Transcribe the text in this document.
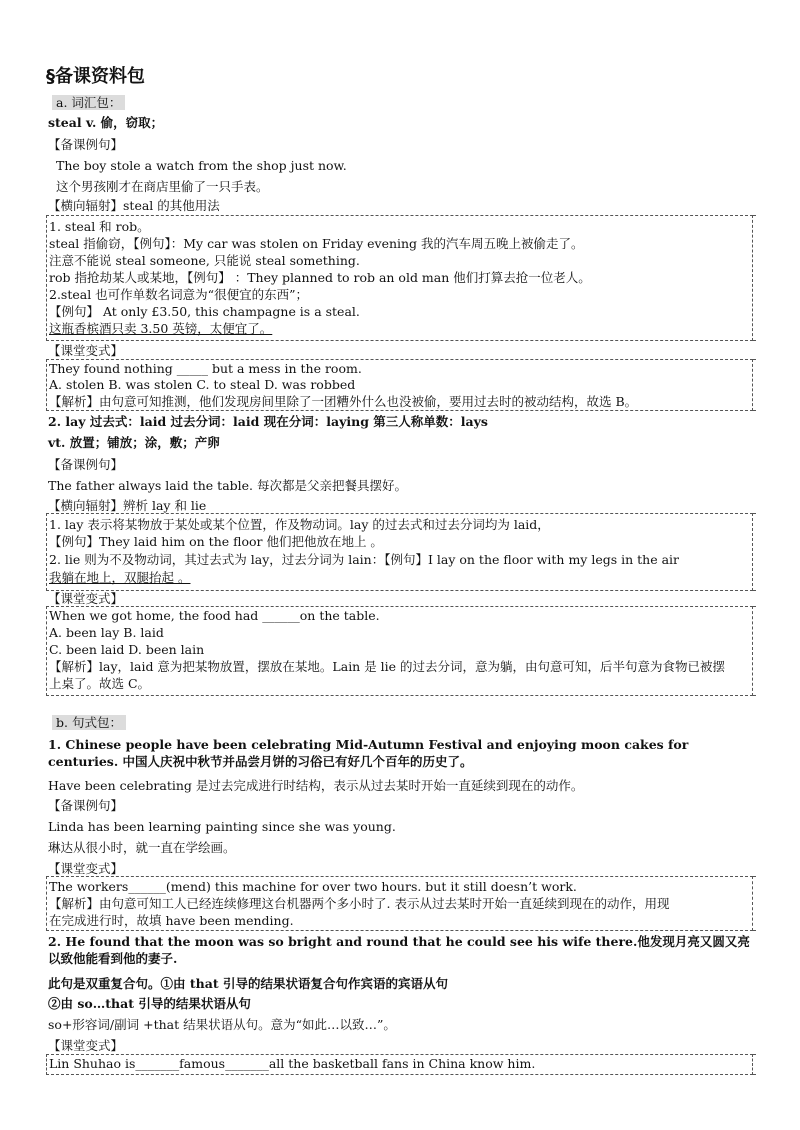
§备课资料包
a. 词汇包：
steal v. 偷，窃取；
【备课例句】
The boy stole a watch from the shop just now.
这个男孩刚才在商店里偷了一只手表。
【横向辐射】steal 的其他用法
1. steal 和 rob。
steal 指偷窃，【例句】：My car was stolen on Friday evening 我的汽车周五晚上被偷走了。
注意不能说 steal someone, 只能说 steal something.
rob 指抢劫某人或某地，【例句】 ：They planned to rob an old man 他们打算去抢一位老人。
2.steal 也可作单数名词意为“很便宜的东西”；
【例句】 At only £3.50, this champagne is a steal.
这瓶香槟酒只卖 3.50 英镑，太便宜了。
【课堂变式】
They found nothing _____ but a mess in the room.
A. stolen B. was stolen C. to steal D. was robbed
【解析】由句意可知推测，他们发现房间里除了一团糟外什么也没被偷，要用过去时的被动结构，故选 B。
2. lay 过去式：laid 过去分词：laid 现在分词：laying 第三人称单数：lays
vt. 放置；铺放；涂，敷；产卵
【备课例句】
The father always laid the table. 每次都是父亲把餐具摆好。
【横向辐射】辨析 lay 和 lie
1. lay 表示将某物放于某处或某个位置，作及物动词。lay 的过去式和过去分词均为 laid，
【例句】They laid him on the floor 他们把他放在地上 。
2. lie 则为不及物动词，其过去式为 lay，过去分词为 lain：【例句】I lay on the floor with my legs in the air
我躺在地上，双腿抬起 。
【课堂变式】
When we got home, the food had ______on the table.
A. been lay B. laid
C. been laid D. been lain
【解析】lay，laid 意为把某物放置，摆放在某地。Lain 是 lie 的过去分词，意为躺，由句意可知，后半句意为食物已被摆
上桌了。故选 C。
b. 句式包：
1. Chinese people have been celebrating Mid-Autumn Festival and enjoying moon cakes for centuries. 中国人庆祝中秋节并品尝月饼的习俗已有好几个百年的历史了。
Have been celebrating 是过去完成进行时结构，表示从过去某时开始一直延续到现在的动作。
【备课例句】
Linda has been learning painting since she was young.
琳达从很小时，就一直在学绘画。
【课堂变式】
The workers______(mend) this machine for over two hours. but it still doesn’t work.
【解析】由句意可知工人已经连续修理这台机器两个多小时了. 表示从过去某时开始一直延续到现在的动作，用现
在完成进行时，故填 have been mending.
2. He found that the moon was so bright and round that he could see his wife there.他发现月亮又圆又亮以致他能看到他的妻子.
此句是双重复合句。①由 that 引导的结果状语复合句作宾语的宾语从句
②由 so…that 引导的结果状语从句
so+形容词/副词 +that 结果状语从句。意为“如此…以致…”。
【课堂变式】
Lin Shuhao is_______famous_______all the basketball fans in China know him.
